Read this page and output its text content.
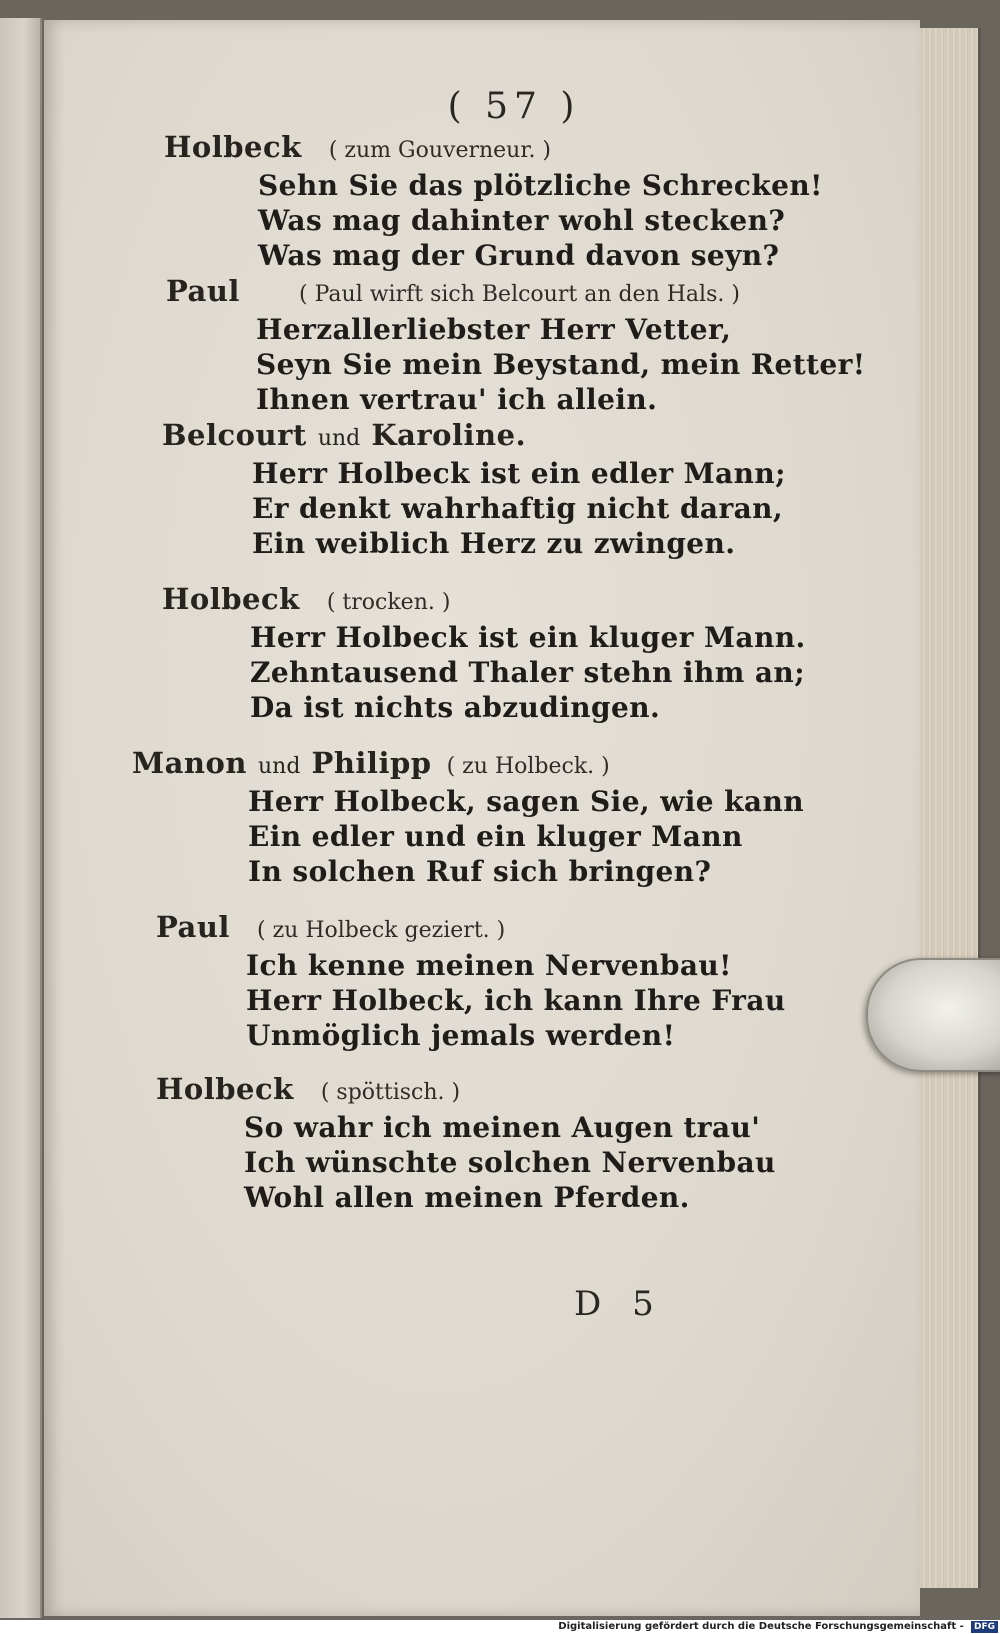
( 57 )
Holbeck ( zum Gouverneur. )
Sehn Sie das plötzliche Schrecken!
Was mag dahinter wohl stecken?
Was mag der Grund davon seyn?
Paul	( Paul wirft sich Belcourt an den Hals. )
Herzallerliebster Herr Vetter,
Seyn Sie mein Beystand, mein Retter!
Ihnen vertrau' ich allein.
Belcourt und Karoline.
Herr Holbeck ist ein edler Mann;
Er denkt wahrhaftig nicht daran,
Ein weiblich Herz zu zwingen.
Holbeck ( trocken. )
Herr Holbeck ist ein kluger Mann.
Zehntausend Thaler stehn ihm an;
Da ist nichts abzudingen.
Manon und Philipp ( zu Holbeck. )
Herr Holbeck, sagen Sie, wie kann
Ein edler und ein kluger Mann
In solchen Ruf sich bringen?
Paul ( zu Holbeck geziert. )
Ich kenne meinen Nervenbau!
Herr Holbeck, ich kann Ihre Frau
Unmöglich jemals werden!
Holbeck ( spöttisch. )
So wahr ich meinen Augen trau'
Ich wünschte solchen Nervenbau
Wohl allen meinen Pferden.
D 5
Digitalisierung gefördert durch die Deutsche Forschungsgemeinschaft - DFG
